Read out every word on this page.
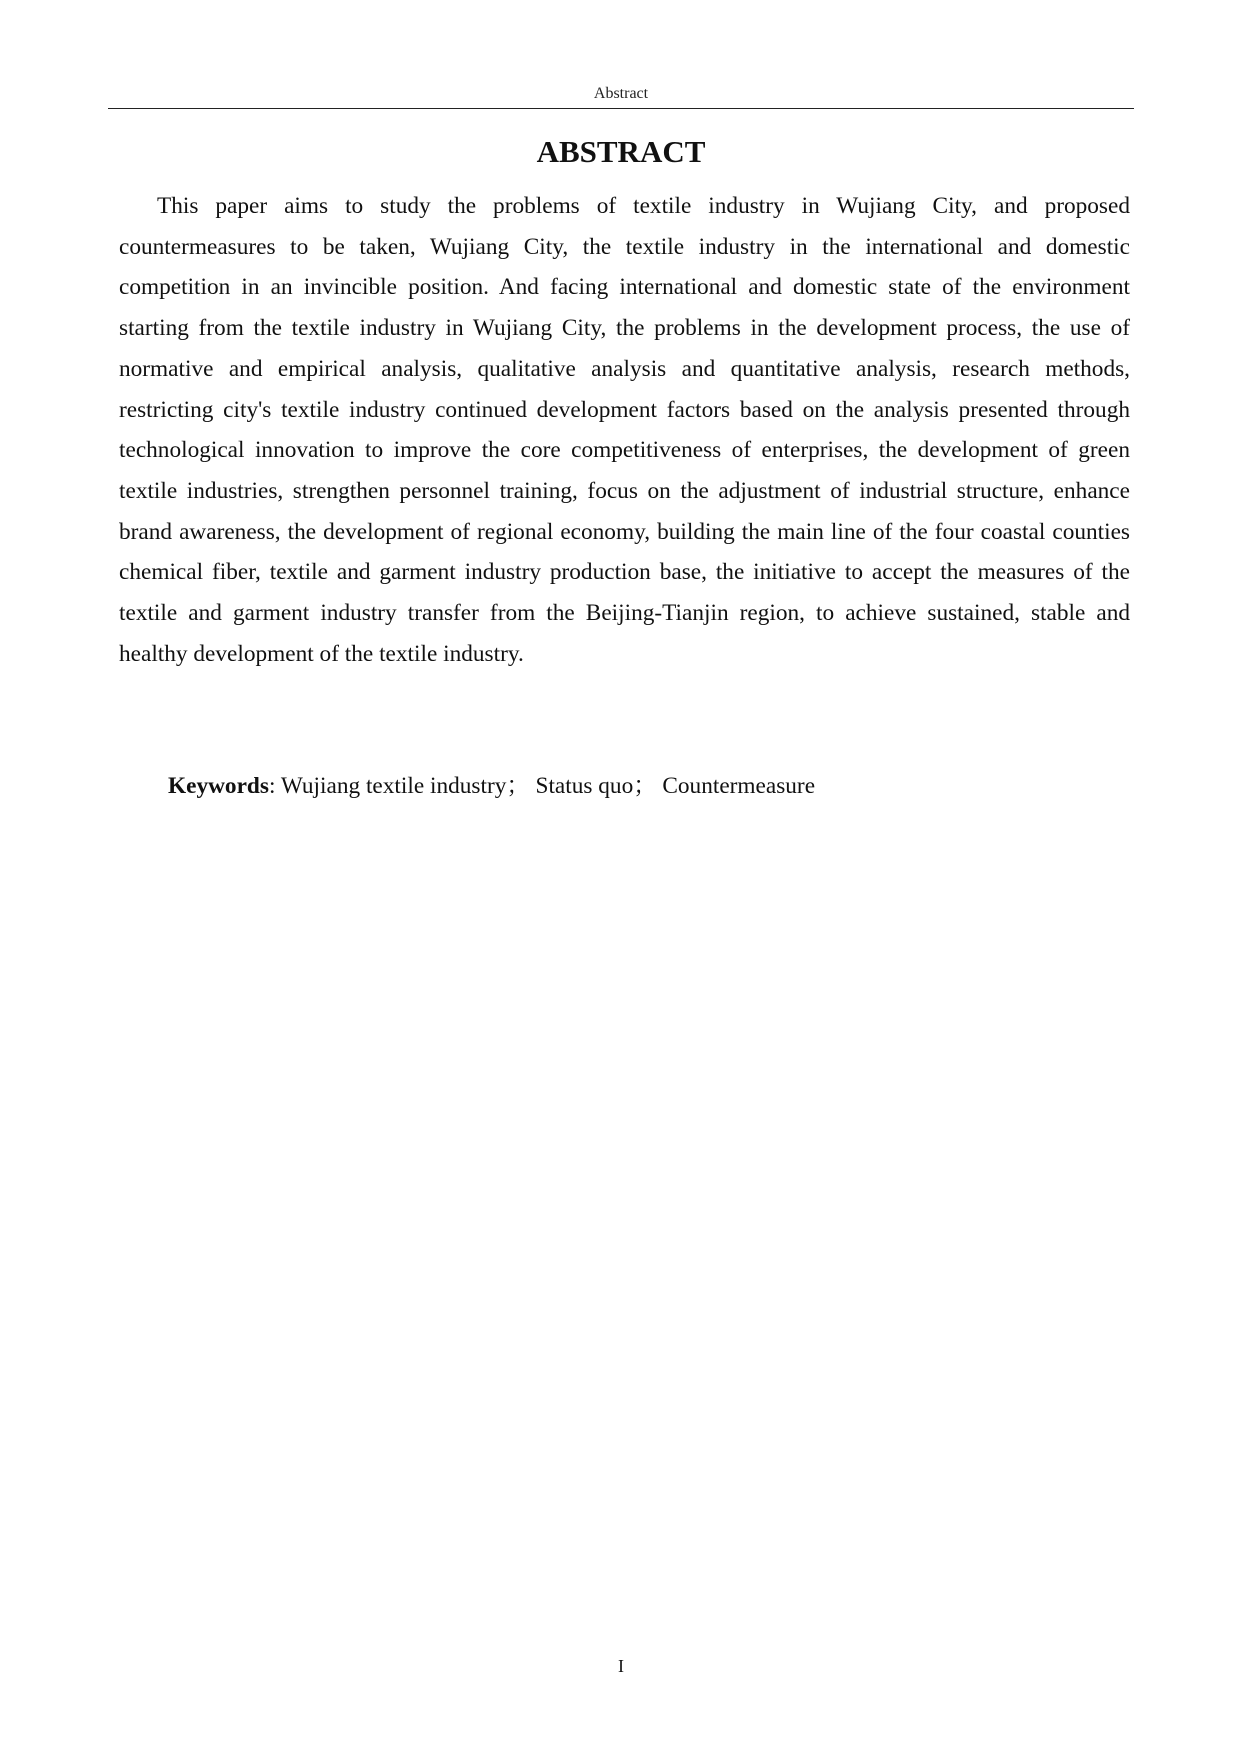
Abstract
ABSTRACT

This paper aims to study the problems of textile industry in Wujiang City, and proposed countermeasures to be taken, Wujiang City, the textile industry in the international and domestic competition in an invincible position. And facing international and domestic state of the environment starting from the textile industry in Wujiang City, the problems in the development process, the use of normative and empirical analysis, qualitative analysis and quantitative analysis, research methods, restricting city's textile industry continued development factors based on the analysis presented through technological innovation to improve the core competitiveness of enterprises, the development of green textile industries, strengthen personnel training, focus on the adjustment of industrial structure, enhance brand awareness, the development of regional economy, building the main line of the four coastal counties chemical fiber, textile and garment industry production base, the initiative to accept the measures of the textile and garment industry transfer from the Beijing-Tianjin region, to achieve sustained, stable and healthy development of the textile industry.

Keywords: Wujiang textile industry； Status quo； Countermeasure

I
